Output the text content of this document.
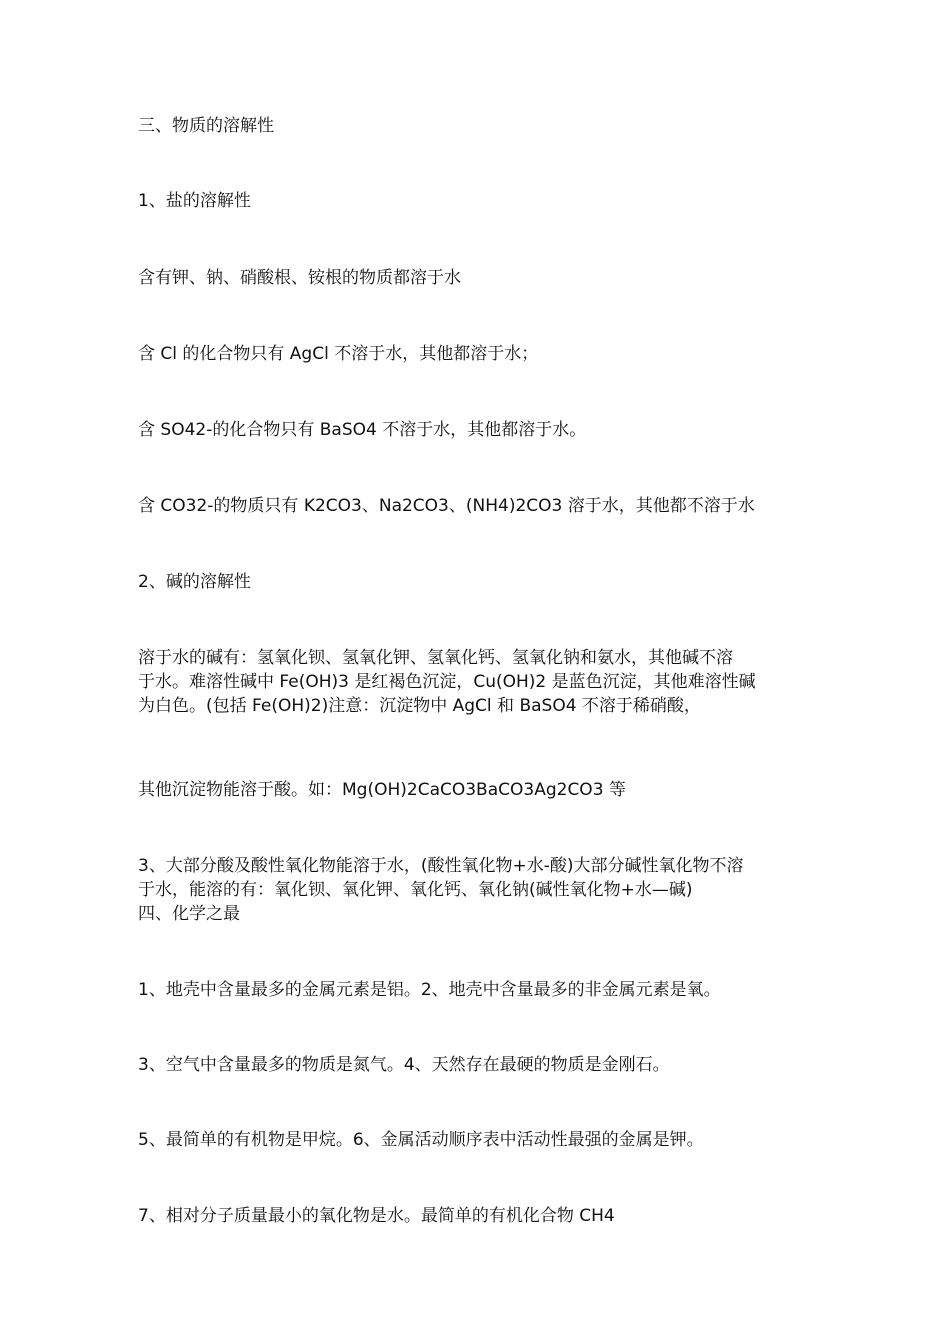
三、物质的溶解性

1、盐的溶解性

含有钾、钠、硝酸根、铵根的物质都溶于水

含 Cl 的化合物只有 AgCl 不溶于水，其他都溶于水；

含 SO42-的化合物只有 BaSO4 不溶于水，其他都溶于水。

含 CO32-的物质只有 K2CO3、Na2CO3、(NH4)2CO3 溶于水，其他都不溶于水

2、碱的溶解性

溶于水的碱有：氢氧化钡、氢氧化钾、氢氧化钙、氢氧化钠和氨水，其他碱不溶
于水。难溶性碱中 Fe(OH)3 是红褐色沉淀，Cu(OH)2 是蓝色沉淀，其他难溶性碱
为白色。(包括 Fe(OH)2)注意：沉淀物中 AgCl 和 BaSO4 不溶于稀硝酸，

其他沉淀物能溶于酸。如：Mg(OH)2CaCO3BaCO3Ag2CO3 等

3、大部分酸及酸性氧化物能溶于水，(酸性氧化物+水-酸)大部分碱性氧化物不溶
于水，能溶的有：氧化钡、氧化钾、氧化钙、氧化钠(碱性氧化物+水—碱)
四、化学之最

1、地壳中含量最多的金属元素是铝。2、地壳中含量最多的非金属元素是氧。

3、空气中含量最多的物质是氮气。4、天然存在最硬的物质是金刚石。

5、最简单的有机物是甲烷。6、金属活动顺序表中活动性最强的金属是钾。

7、相对分子质量最小的氧化物是水。最简单的有机化合物 CH4
